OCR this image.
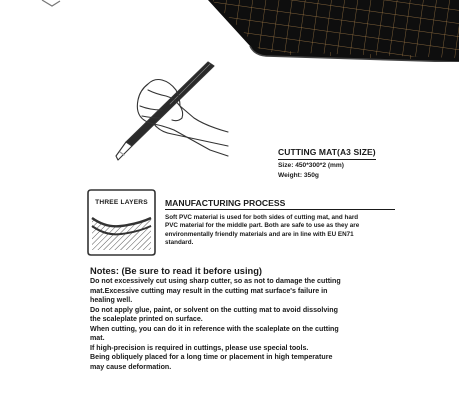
|	|	|	|
CUTTING MAT(A3 SIZE)
Size: 450*300*2 (mm)
Weight: 350g
THREE LAYERS	MANUFACTURING PROCESS
Soft PVC material is used for both sides of cutting mat, and hard
PVC material for the middle part. Both are safe to use as they are
environmentally friendly materials and are in line with EU EN71
standard.
Notes: (Be sure to read it before using)
Do not excessively cut using sharp cutter, so as not to damage the cutting
mat.Excessive cutting may result in the cutting mat surface's failure in
healing well.
Do not apply glue, paint, or solvent on the cutting mat to avoid dissolving
the scaleplate printed on surface.
When cutting, you can do it in reference with the scaleplate on the cutting
mat.
If high-precision is required in cuttings, please use special tools.
Being obliquely placed for a long time or placement in high temperature
may cause deformation.
